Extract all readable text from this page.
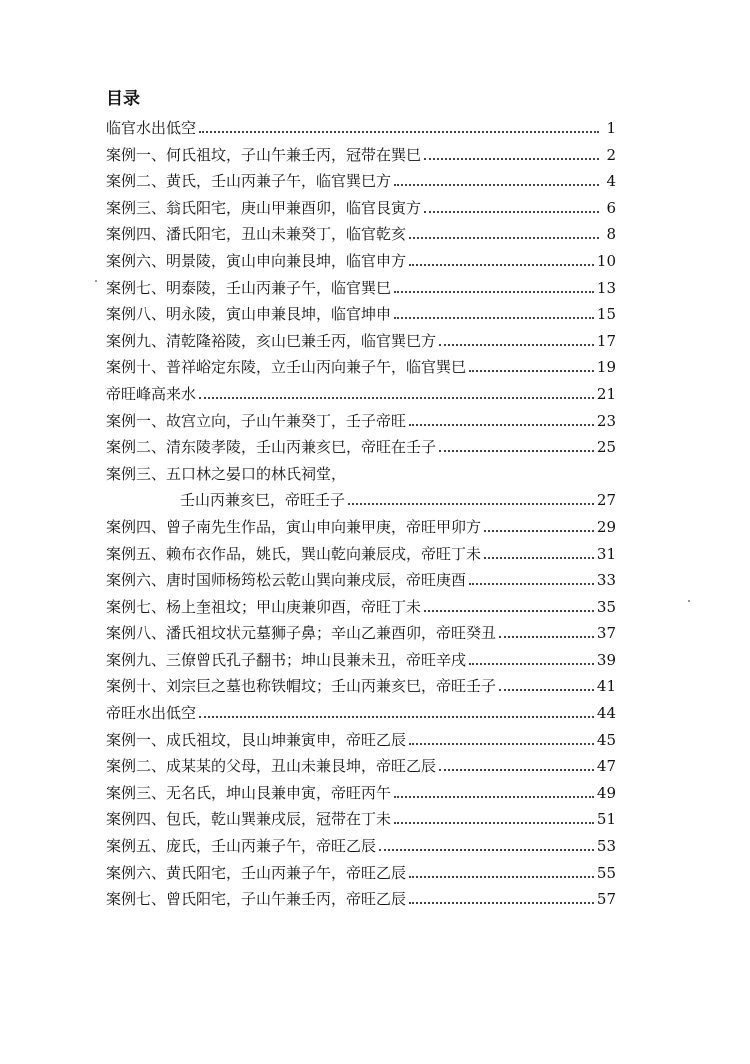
目录
临官水出低空	1
案例一、何氏祖坟，子山午兼壬丙，冠带在巽巳	2
案例二、黄氏，壬山丙兼子午，临官巽巳方	4
案例三、翁氏阳宅，庚山甲兼酉卯，临官艮寅方	6
案例四、潘氏阳宅，丑山未兼癸丁，临官乾亥	8
案例六、明景陵，寅山申向兼艮坤，临官申方	10
案例七、明泰陵，壬山丙兼子午，临官巽巳	13
案例八、明永陵，寅山申兼艮坤，临官坤申	15
案例九、清乾隆裕陵，亥山巳兼壬丙，临官巽巳方	17
案例十、普祥峪定东陵，立壬山丙向兼子午，临官巽巳	19
帝旺峰高来水	21
案例一、故宫立向，子山午兼癸丁，壬子帝旺	23
案例二、清东陵孝陵，壬山丙兼亥巳，帝旺在壬子	25
案例三、五口林之晏口的林氏祠堂，
壬山丙兼亥巳，帝旺壬子	27
案例四、曾子南先生作品，寅山申向兼甲庚，帝旺甲卯方	29
案例五、赖布衣作品，姚氏，巽山乾向兼辰戌，帝旺丁未	31
案例六、唐时国师杨筠松云乾山巽向兼戌辰，帝旺庚酉	33
案例七、杨上奎祖坟；甲山庚兼卯酉，帝旺丁未	35
案例八、潘氏祖坟状元墓狮子鼻；辛山乙兼酉卯，帝旺癸丑	37
案例九、三僚曾氏孔子翻书；坤山艮兼未丑，帝旺辛戌	39
案例十、刘宗巨之墓也称铁帽坟；壬山丙兼亥巳，帝旺壬子	41
帝旺水出低空	44
案例一、成氏祖坟，艮山坤兼寅申，帝旺乙辰	45
案例二、成某某的父母，丑山未兼艮坤，帝旺乙辰	47
案例三、无名氏，坤山艮兼申寅，帝旺丙午	49
案例四、包氏，乾山巽兼戌辰，冠带在丁未	51
案例五、庞氏，壬山丙兼子午，帝旺乙辰	53
案例六、黄氏阳宅，壬山丙兼子午，帝旺乙辰	55
案例七、曾氏阳宅，子山午兼壬丙，帝旺乙辰	57
